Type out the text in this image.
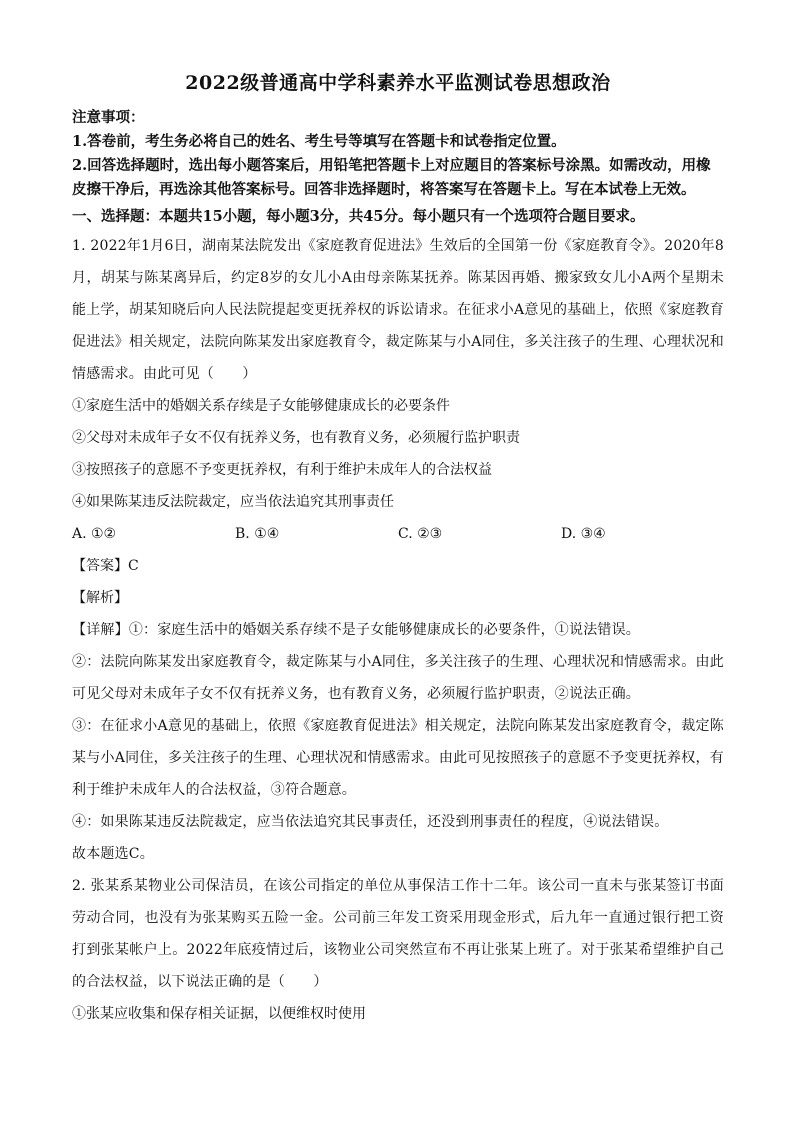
2022级普通高中学科素养水平监测试卷思想政治
注意事项：
1.答卷前，考生务必将自己的姓名、考生号等填写在答题卡和试卷指定位置。
2.回答选择题时，选出每小题答案后，用铅笔把答题卡上对应题目的答案标号涂黑。如需改动，用橡皮擦干净后，再选涂其他答案标号。回答非选择题时，将答案写在答题卡上。写在本试卷上无效。
一、选择题：本题共15小题，每小题3分，共45分。每小题只有一个选项符合题目要求。
1. 2022年1月6日，湖南某法院发出《家庭教育促进法》生效后的全国第一份《家庭教育令》。2020年8月，胡某与陈某离异后，约定8岁的女儿小A由母亲陈某抚养。陈某因再婚、搬家致女儿小A两个星期未能上学，胡某知晓后向人民法院提起变更抚养权的诉讼请求。在征求小A意见的基础上，依照《家庭教育促进法》相关规定，法院向陈某发出家庭教育令，裁定陈某与小A同住，多关注孩子的生理、心理状况和情感需求。由此可见（　　）
①家庭生活中的婚姻关系存续是子女能够健康成长的必要条件
②父母对未成年子女不仅有抚养义务，也有教育义务，必须履行监护职责
③按照孩子的意愿不予变更抚养权，有利于维护未成年人的合法权益
④如果陈某违反法院裁定，应当依法追究其刑事责任
A. ①②	B. ①④	C. ②③	D. ③④
【答案】C
【解析】
【详解】①：家庭生活中的婚姻关系存续不是子女能够健康成长的必要条件，①说法错误。
②：法院向陈某发出家庭教育令，裁定陈某与小A同住，多关注孩子的生理、心理状况和情感需求。由此可见父母对未成年子女不仅有抚养义务，也有教育义务，必须履行监护职责，②说法正确。
③：在征求小A意见的基础上，依照《家庭教育促进法》相关规定，法院向陈某发出家庭教育令，裁定陈某与小A同住，多关注孩子的生理、心理状况和情感需求。由此可见按照孩子的意愿不予变更抚养权，有利于维护未成年人的合法权益，③符合题意。
④：如果陈某违反法院裁定，应当依法追究其民事责任，还没到刑事责任的程度，④说法错误。
故本题选C。
2. 张某系某物业公司保洁员，在该公司指定的单位从事保洁工作十二年。该公司一直未与张某签订书面劳动合同，也没有为张某购买五险一金。公司前三年发工资采用现金形式，后九年一直通过银行把工资打到张某帐户上。2022年底疫情过后，该物业公司突然宣布不再让张某上班了。对于张某希望维护自己的合法权益，以下说法正确的是（　　）
①张某应收集和保存相关证据，以便维权时使用
